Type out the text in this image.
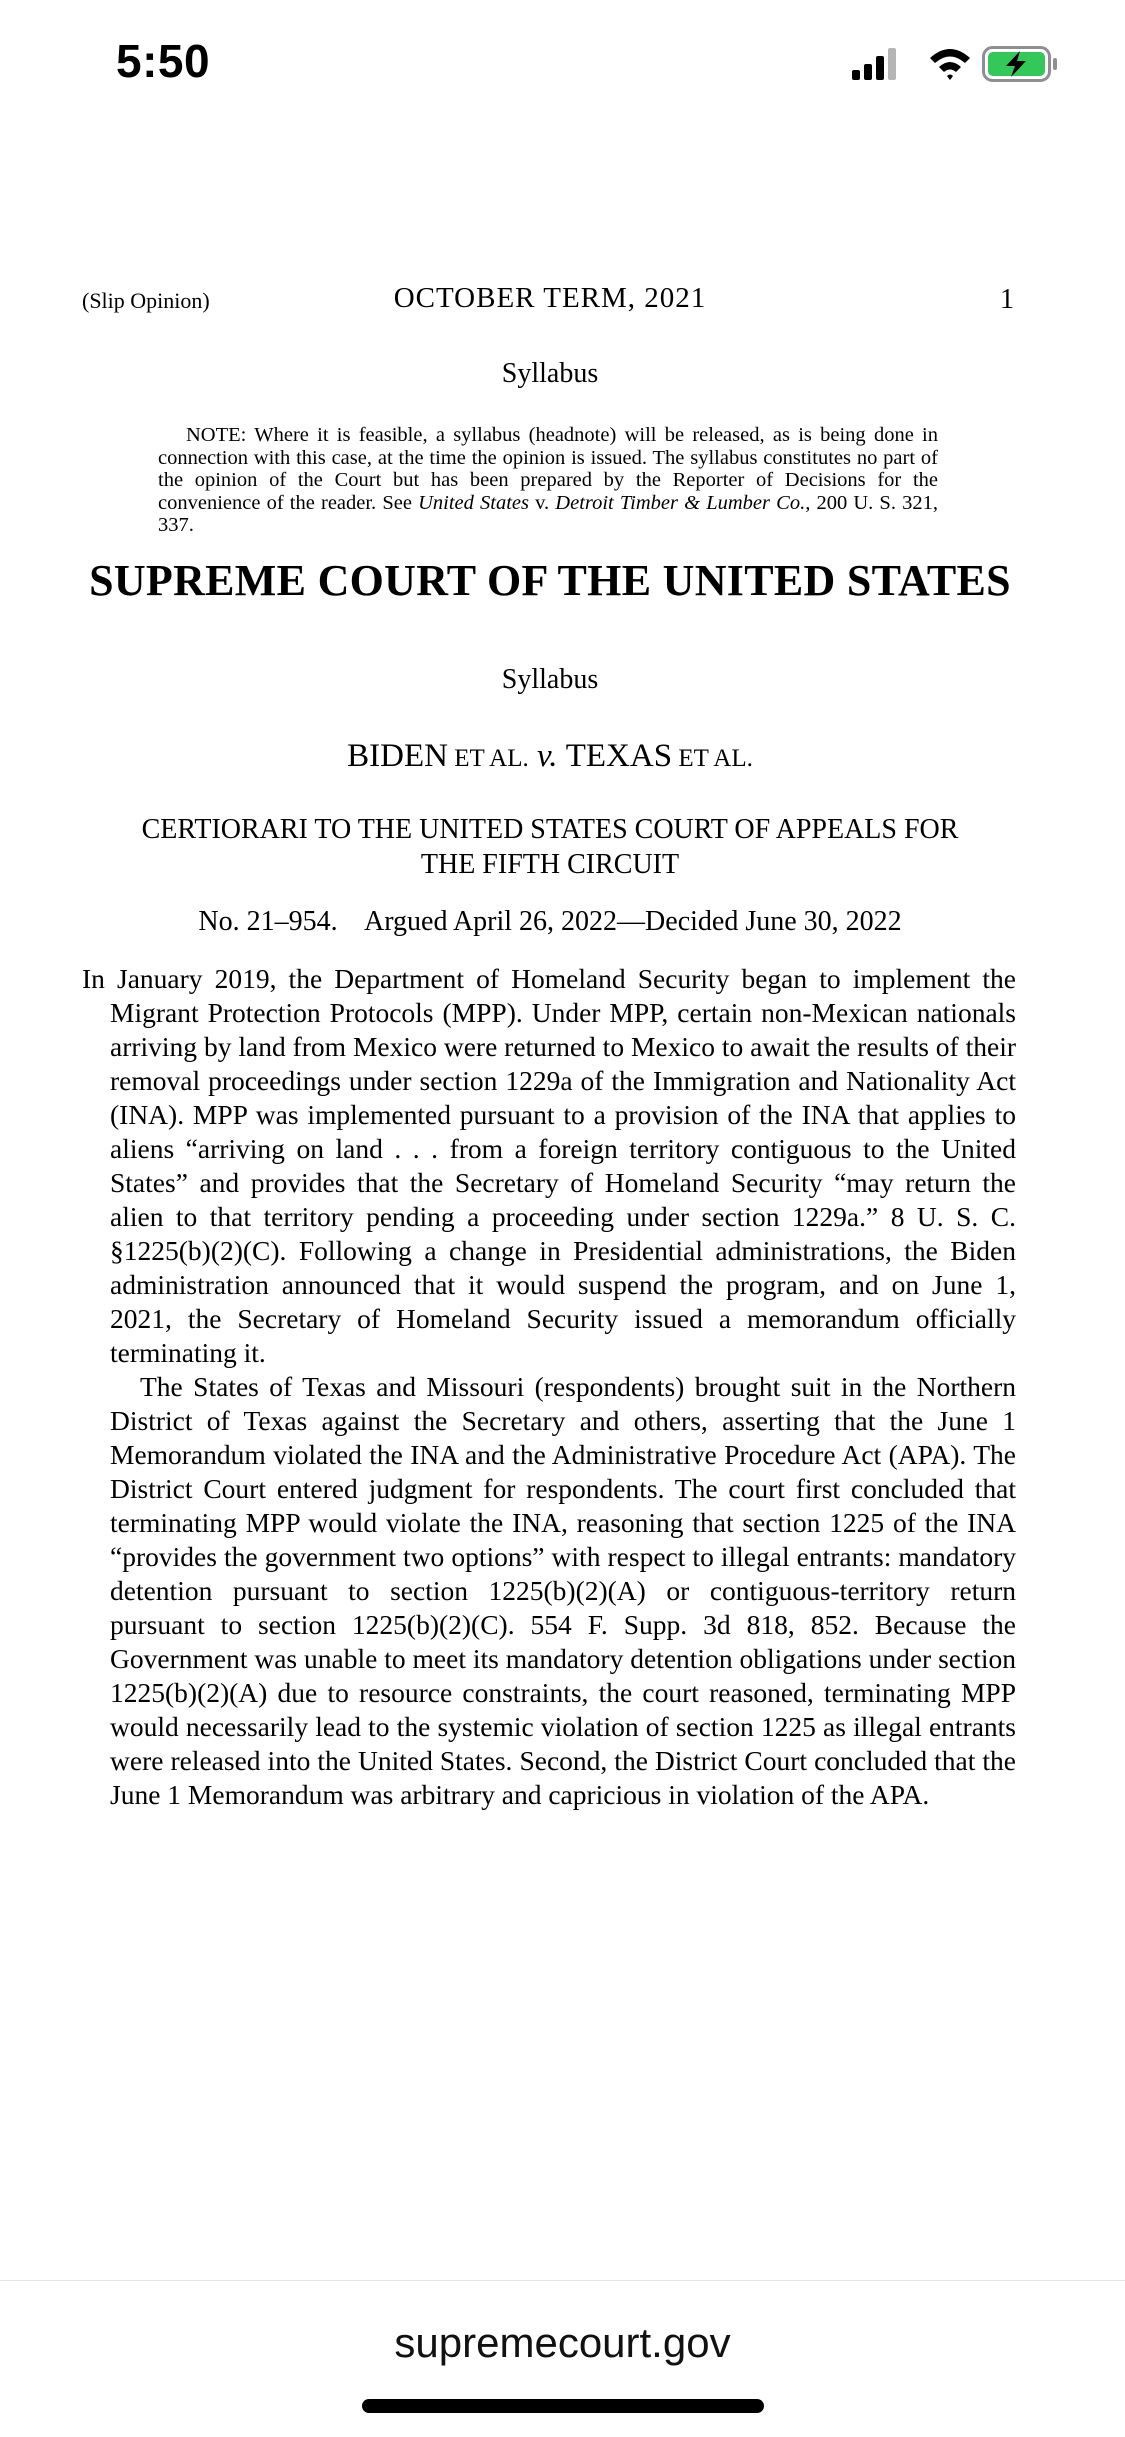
5:50
(Slip Opinion)	OCTOBER TERM, 2021	1
Syllabus
NOTE: Where it is feasible, a syllabus (headnote) will be released, as is being done in connection with this case, at the time the opinion is issued. The syllabus constitutes no part of the opinion of the Court but has been prepared by the Reporter of Decisions for the convenience of the reader. See United States v. Detroit Timber & Lumber Co., 200 U. S. 321, 337.
SUPREME COURT OF THE UNITED STATES
Syllabus
BIDEN ET AL. v. TEXAS ET AL.
CERTIORARI TO THE UNITED STATES COURT OF APPEALS FOR
THE FIFTH CIRCUIT
No. 21–954.    Argued April 26, 2022—Decided June 30, 2022

In January 2019, the Department of Homeland Security began to implement the Migrant Protection Protocols (MPP). Under MPP, certain non-Mexican nationals arriving by land from Mexico were returned to Mexico to await the results of their removal proceedings under section 1229a of the Immigration and Nationality Act (INA). MPP was implemented pursuant to a provision of the INA that applies to aliens “arriving on land . . . from a foreign territory contiguous to the United States” and provides that the Secretary of Homeland Security “may return the alien to that territory pending a proceeding under section 1229a.” 8 U. S. C. §1225(b)(2)(C). Following a change in Presidential administrations, the Biden administration announced that it would suspend the program, and on June 1, 2021, the Secretary of Homeland Security issued a memorandum officially terminating it.

The States of Texas and Missouri (respondents) brought suit in the Northern District of Texas against the Secretary and others, asserting that the June 1 Memorandum violated the INA and the Administrative Procedure Act (APA). The District Court entered judgment for respondents. The court first concluded that terminating MPP would violate the INA, reasoning that section 1225 of the INA “provides the government two options” with respect to illegal entrants: mandatory detention pursuant to section 1225(b)(2)(A) or contiguous-territory return pursuant to section 1225(b)(2)(C). 554 F. Supp. 3d 818, 852. Because the Government was unable to meet its mandatory detention obligations under section 1225(b)(2)(A) due to resource constraints, the court reasoned, terminating MPP would necessarily lead to the systemic violation of section 1225 as illegal entrants were released into the United States. Second, the District Court concluded that the June 1 Memorandum was arbitrary and capricious in violation of the APA.

supremecourt.gov
